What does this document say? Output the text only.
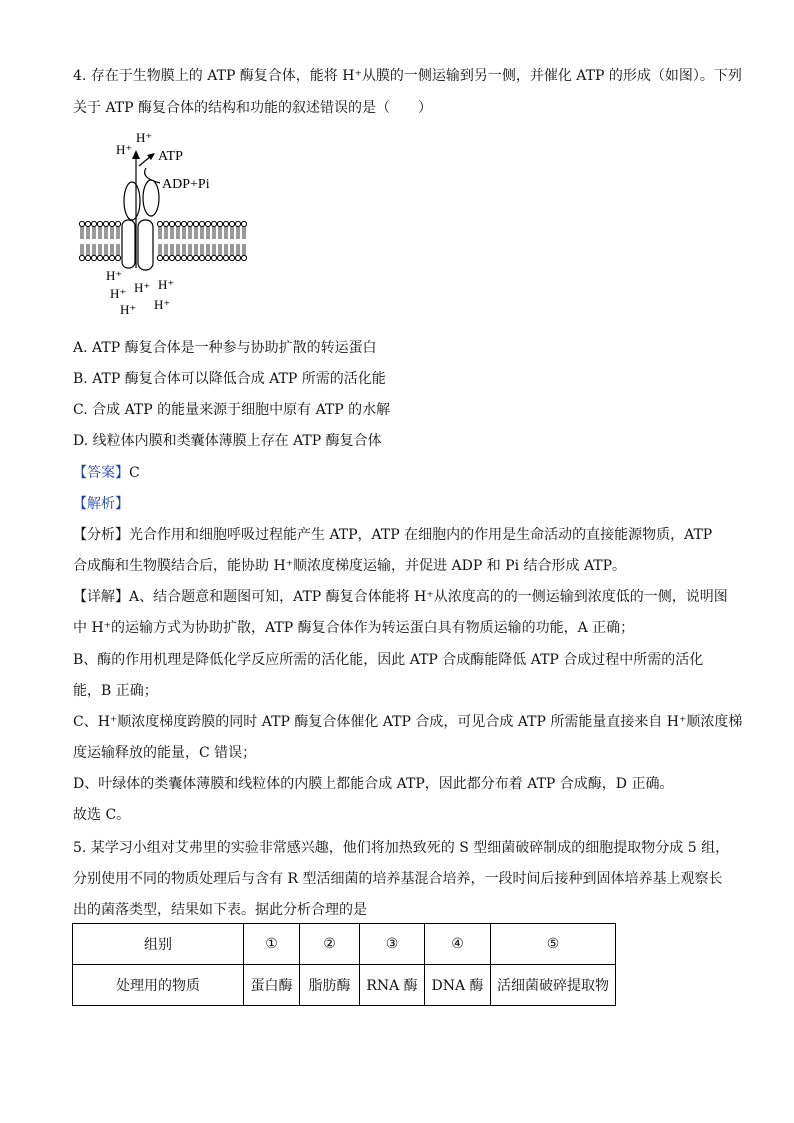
4. 存在于生物膜上的 ATP 酶复合体，能将 H⁺从膜的一侧运输到另一侧，并催化 ATP 的形成（如图）。下列
关于 ATP 酶复合体的结构和功能的叙述错误的是（　　）
H⁺
H⁺ ATP
ADP+Pi
H⁺
H⁺ H⁺ H⁺
H⁺ H⁺
A. ATP 酶复合体是一种参与协助扩散的转运蛋白
B. ATP 酶复合体可以降低合成 ATP 所需的活化能
C. 合成 ATP 的能量来源于细胞中原有 ATP 的水解
D. 线粒体内膜和类囊体薄膜上存在 ATP 酶复合体
【答案】C
【解析】
【分析】光合作用和细胞呼吸过程能产生 ATP，ATP 在细胞内的作用是生命活动的直接能源物质，ATP
合成酶和生物膜结合后，能协助 H⁺顺浓度梯度运输，并促进 ADP 和 Pi 结合形成 ATP。
【详解】A、结合题意和题图可知，ATP 酶复合体能将 H⁺从浓度高的的一侧运输到浓度低的一侧，说明图
中 H⁺的运输方式为协助扩散，ATP 酶复合体作为转运蛋白具有物质运输的功能，A 正确；
B、酶的作用机理是降低化学反应所需的活化能，因此 ATP 合成酶能降低 ATP 合成过程中所需的活化
能，B 正确；
C、H⁺顺浓度梯度跨膜的同时 ATP 酶复合体催化 ATP 合成，可见合成 ATP 所需能量直接来自 H⁺顺浓度梯
度运输释放的能量，C 错误；
D、叶绿体的类囊体薄膜和线粒体的内膜上都能合成 ATP，因此都分布着 ATP 合成酶，D 正确。
故选 C。
5. 某学习小组对艾弗里的实验非常感兴趣，他们将加热致死的 S 型细菌破碎制成的细胞提取物分成 5 组，
分别使用不同的物质处理后与含有 R 型活细菌的培养基混合培养，一段时间后接种到固体培养基上观察长
出的菌落类型，结果如下表。据此分析合理的是
组别	①	②	③	④	⑤
处理用的物质	蛋白酶	脂肪酶	RNA 酶	DNA 酶	活细菌破碎提取物
